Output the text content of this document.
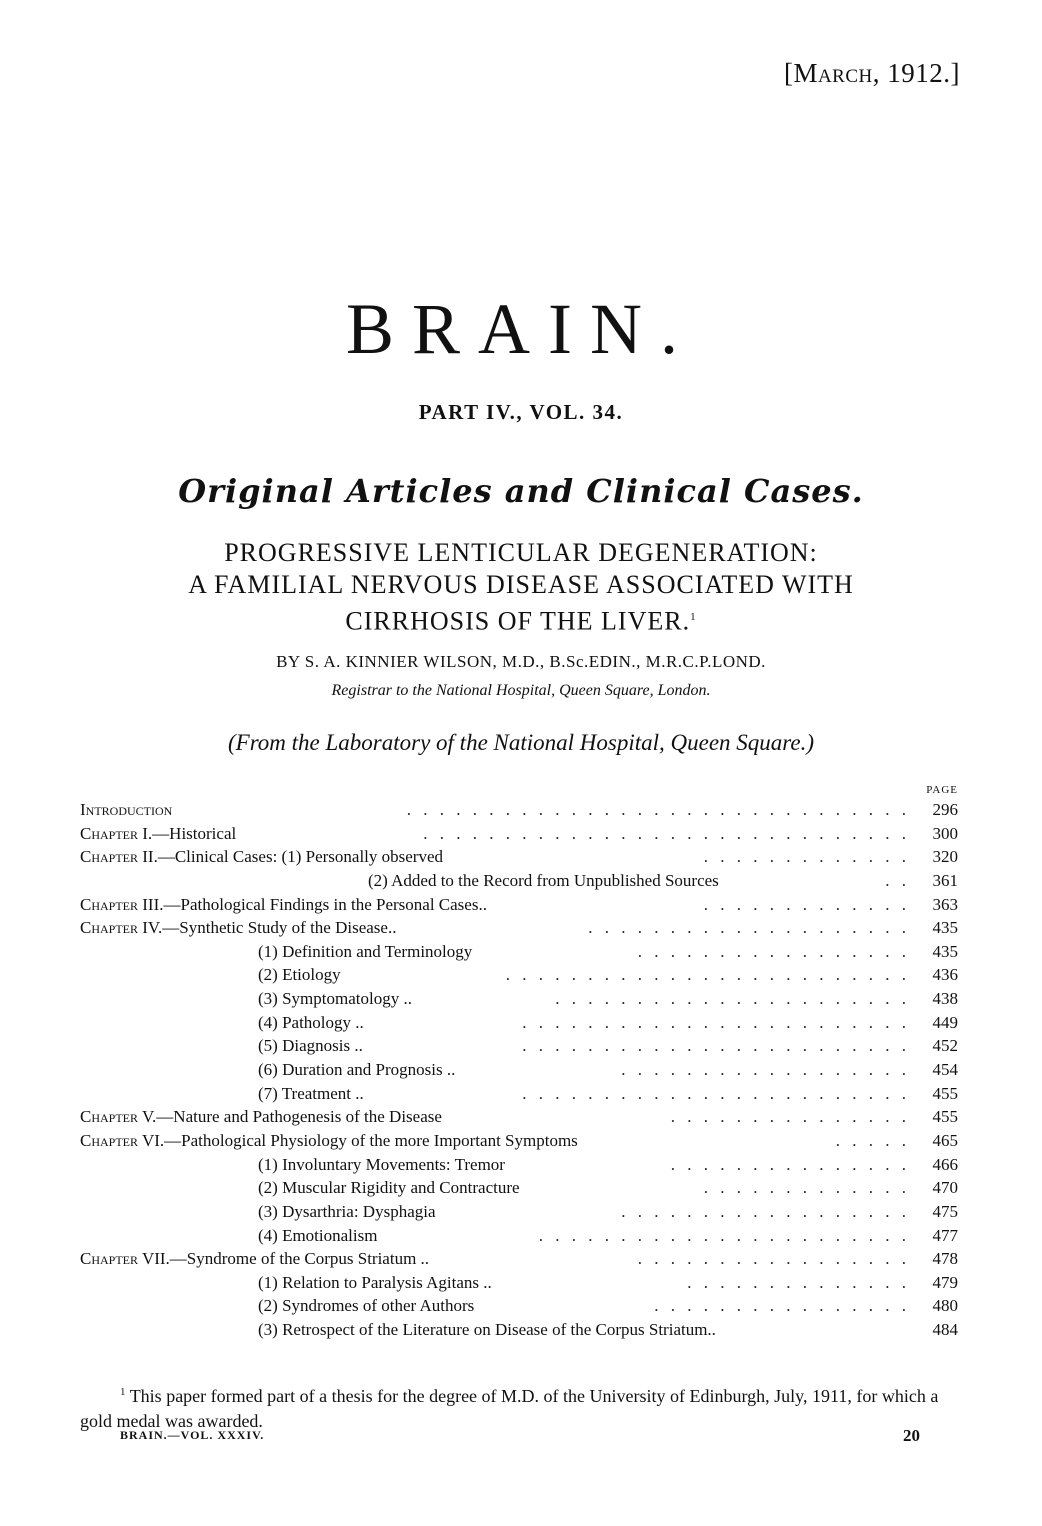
[March, 1912.]
BRAIN.
PART IV., VOL. 34.
Original Articles and Clinical Cases.
PROGRESSIVE LENTICULAR DEGENERATION:
A FAMILIAL NERVOUS DISEASE ASSOCIATED WITH
CIRRHOSIS OF THE LIVER.$^1$
BY S. A. KINNIER WILSON, M.D., B.Sc.EDIN., M.R.C.P.LOND.
Registrar to the National Hospital, Queen Square, London.
(From the Laboratory of the National Hospital, Queen Square.)
PAGE
Introduction	. . . . . . . . . . . . . . . . . . . . . . . . . . . . . . .	296
Chapter I.—Historical	. . . . . . . . . . . . . . . . . . . . . . . . . . . . . .	300
Chapter II.—Clinical Cases: (1) Personally observed	. . . . . . . . . . . . .	320
(2) Added to the Record from Unpublished Sources	. .	361
Chapter III.—Pathological Findings in the Personal Cases..	. . . . . . . . . . . . .	363
Chapter IV.—Synthetic Study of the Disease..	. . . . . . . . . . . . . . . . . . . .	435
(1) Definition and Terminology	. . . . . . . . . . . . . . . . .	435
(2) Etiology	. . . . . . . . . . . . . . . . . . . . . . . . .	436
(3) Symptomatology ..	. . . . . . . . . . . . . . . . . . . . . .	438
(4) Pathology ..	. . . . . . . . . . . . . . . . . . . . . . . .	449
(5) Diagnosis ..	. . . . . . . . . . . . . . . . . . . . . . . .	452
(6) Duration and Prognosis ..	. . . . . . . . . . . . . . . . . .	454
(7) Treatment ..	. . . . . . . . . . . . . . . . . . . . . . . .	455
Chapter V.—Nature and Pathogenesis of the Disease	. . . . . . . . . . . . . . .	455
Chapter VI.—Pathological Physiology of the more Important Symptoms	. . . . .	465
(1) Involuntary Movements: Tremor	. . . . . . . . . . . . . . .	466
(2) Muscular Rigidity and Contracture	. . . . . . . . . . . . .	470
(3) Dysarthria: Dysphagia	. . . . . . . . . . . . . . . . . .	475
(4) Emotionalism	. . . . . . . . . . . . . . . . . . . . . . .	477
Chapter VII.—Syndrome of the Corpus Striatum ..	. . . . . . . . . . . . . . . . .	478
(1) Relation to Paralysis Agitans ..	. . . . . . . . . . . . . .	479
(2) Syndromes of other Authors	. . . . . . . . . . . . . . . .	480
(3) Retrospect of the Literature on Disease of the Corpus Striatum..	484
$^1$ This paper formed part of a thesis for the degree of M.D. of the University of Edinburgh, July, 1911, for which a gold medal was awarded.
BRAIN.—VOL. XXXIV.	20
